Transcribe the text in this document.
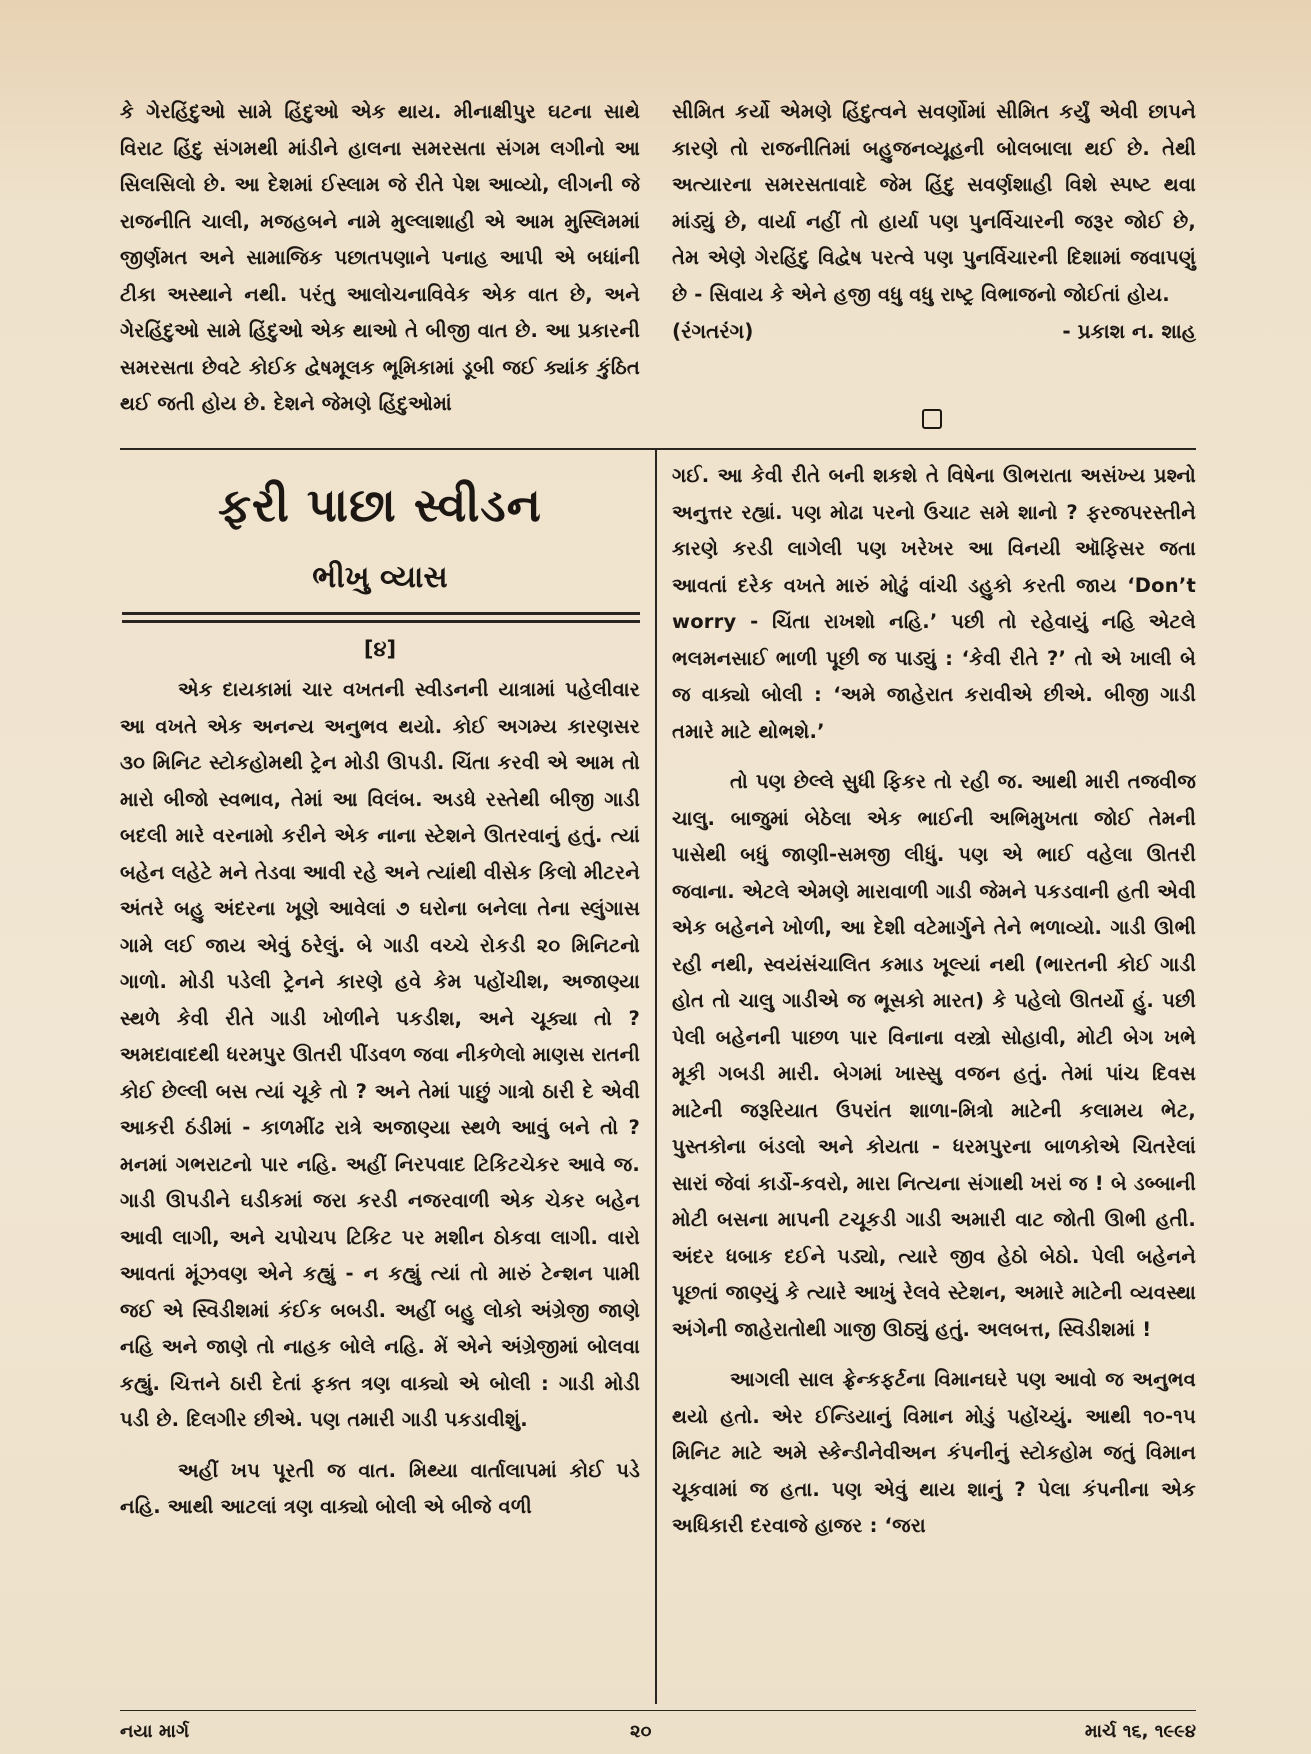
કે ગેરહિંદુઓ સામે હિંદુઓ એક થાય. મીનાક્ષીપુર ઘટના સાથે વિરાટ હિંદુ સંગમથી માંડીને હાલના સમરસતા સંગમ લગીનો આ સિલસિલો છે. આ દેશમાં ઈસ્લામ જે રીતે પેશ આવ્યો, લીગની જે રાજનીતિ ચાલી, મજહબને નામે મુલ્લાશાહી એ આમ મુસ્લિમમાં જીર્ણમત અને સામાજિક પછાતપણાને પનાહ આપી એ બધાંની ટીકા અસ્થાને નથી. પરંતુ આલોચનાવિવેક એક વાત છે, અને ગેરહિંદુઓ સામે હિંદુઓ એક થાઓ તે બીજી વાત છે. આ પ્રકારની સમરસતા છેવટે કોઈક દ્વેષમૂલક ભૂમિકામાં ડૂબી જઈ ક્યાંક કુંઠિત થઈ જતી હોય છે. દેશને જેમણે હિંદુઓમાં

સીમિત કર્યો એમણે હિંદુત્વને સવર્ણોમાં સીમિત કર્યું એવી છાપને કારણે તો રાજનીતિમાં બહુજનવ્યૂહની બોલબાલા થઈ છે. તેથી અત્યારના સમરસતાવાદે જેમ હિંદુ સવર્ણશાહી વિશે સ્પષ્ટ થવા માંડ્યું છે, વાર્યા નહીં તો હાર્યા પણ પુનર્વિચારની જરૂર જોઈ છે, તેમ એણે ગેરહિંદુ વિદ્વેષ પરત્વે પણ પુનર્વિચારની દિશામાં જવાપણું છે - સિવાય કે એને હજી વધુ વધુ રાષ્ટ્ર વિભાજનો જોઈતાં હોય.

(રંગતરંગ)	- પ્રકાશ ન. શાહ
ફરી પાછા સ્વીડન
ભીખુ વ્યાસ
[૪]

એક દાયકામાં ચાર વખતની સ્વીડનની યાત્રામાં પહેલીવાર આ વખતે એક અનન્ય અનુભવ થયો. કોઈ અગમ્ય કારણસર ૩૦ મિનિટ સ્ટોકહોમથી ટ્રેન મોડી ઊપડી. ચિંતા કરવી એ આમ તો મારો બીજો સ્વભાવ, તેમાં આ વિલંબ. અડધે રસ્તેથી બીજી ગાડી બદલી મારે વરનામો કરીને એક નાના સ્ટેશને ઊતરવાનું હતું. ત્યાં બહેન લહેટે મને તેડવા આવી રહે અને ત્યાંથી વીસેક કિલો મીટરને અંતરે બહુ અંદરના ખૂણે આવેલાં ૭ ઘરોના બનેલા તેના સ્લુંગાસ ગામે લઈ જાય એવું ઠરેલું. બે ગાડી વચ્ચે રોકડી ૨૦ મિનિટનો ગાળો. મોડી પડેલી ટ્રેનને કારણે હવે કેમ પહોંચીશ, અજાણ્યા સ્થળે કેવી રીતે ગાડી ખોળીને પકડીશ, અને ચૂક્યા તો ? અમદાવાદથી ધરમપુર ઊતરી પીંડવળ જવા નીકળેલો માણસ રાતની કોઈ છેલ્લી બસ ત્યાં ચૂકે તો ? અને તેમાં પાછું ગાત્રો ઠારી દે એવી આકરી ઠંડીમાં - કાળમીંઢ રાત્રે અજાણ્યા સ્થળે આવું બને તો ? મનમાં ગભરાટનો પાર નહિ. અહીં નિરપવાદ ટિકિટચેકર આવે જ. ગાડી ઊપડીને ઘડીકમાં જરા કરડી નજરવાળી એક ચેકર બહેન આવી લાગી, અને ચપોચપ ટિકિટ પર મશીન ઠોકવા લાગી. વારો આવતાં મૂંઝવણ એને કહ્યું - ન કહ્યું ત્યાં તો મારું ટેન્શન પામી જઈ એ સ્વિડીશમાં કંઈક બબડી. અહીં બહુ લોકો અંગ્રેજી જાણે નહિ અને જાણે તો નાહક બોલે નહિ. મેં એને અંગ્રેજીમાં બોલવા કહ્યું. ચિત્તને ઠારી દેતાં ફક્ત ત્રણ વાક્યો એ બોલી : ગાડી મોડી પડી છે. દિલગીર છીએ. પણ તમારી ગાડી પકડાવીશું.

અહીં ખપ પૂરતી જ વાત. મિથ્યા વાર્તાલાપમાં કોઈ પડે નહિ. આથી આટલાં ત્રણ વાક્યો બોલી એ બીજે વળી

ગઈ. આ કેવી રીતે બની શકશે તે વિષેના ઊભરાતા અસંખ્ય પ્રશ્નો અનુત્તર રહ્યાં. પણ મોઢા પરનો ઉચાટ સમે શાનો ? ફરજપરસ્તીને કારણે કરડી લાગેલી પણ ખરેખર આ વિનયી ઑફિસર જતા આવતાં દરેક વખતે મારું મોઢું વાંચી ડહુકો કરતી જાય ‘Don’t worry - ચિંતા રાખશો નહિ.’ પછી તો રહેવાયું નહિ એટલે ભલમનસાઈ ભાળી પૂછી જ પાડ્યું : ‘કેવી રીતે ?’ તો એ ખાલી બે જ વાક્યો બોલી : ‘અમે જાહેરાત કરાવીએ છીએ. બીજી ગાડી તમારે માટે થોભશે.’

તો પણ છેલ્લે સુધી ફિકર તો રહી જ. આથી મારી તજવીજ ચાલુ. બાજુમાં બેઠેલા એક ભાઈની અભિમુખતા જોઈ તેમની પાસેથી બધું જાણી-સમજી લીધું. પણ એ ભાઈ વહેલા ઊતરી જવાના. એટલે એમણે મારાવાળી ગાડી જેમને પકડવાની હતી એવી એક બહેનને ખોળી, આ દેશી વટેમાર્ગુને તેને ભળાવ્યો. ગાડી ઊભી રહી નથી, સ્વયંસંચાલિત કમાડ ખૂલ્યાં નથી (ભારતની કોઈ ગાડી હોત તો ચાલુ ગાડીએ જ ભૂસકો મારત) કે પહેલો ઊતર્યો હું. પછી પેલી બહેનની પાછળ પાર વિનાના વસ્ત્રો સોહાવી, મોટી બેગ ખભે મૂકી ગબડી મારી. બેગમાં ખાસ્સુ વજન હતું. તેમાં પાંચ દિવસ માટેની જરૂરિયાત ઉપરાંત શાળા-મિત્રો માટેની કલામય ભેટ, પુસ્તકોના બંડલો અને કોયતા - ધરમપુરના બાળકોએ ચિતરેલાં સારાં જેવાં કાર્ડો-કવરો, મારા નિત્યના સંગાથી ખરાં જ ! બે ડબ્બાની મોટી બસના માપની ટચૂકડી ગાડી અમારી વાટ જોતી ઊભી હતી. અંદર ધબાક દઈને પડ્યો, ત્યારે જીવ હેઠો બેઠો. પેલી બહેનને પૂછતાં જાણ્યું કે ત્યારે આખું રેલવે સ્ટેશન, અમારે માટેની વ્યવસ્થા અંગેની જાહેરાતોથી ગાજી ઊઠ્યું હતું. અલબત્ત, સ્વિડીશમાં !

આગલી સાલ ફ્રેન્કફર્ટના વિમાનઘરે પણ આવો જ અનુભવ થયો હતો. એર ઈન્ડિયાનું વિમાન મોડું પહોંચ્યું. આથી ૧૦-૧૫ મિનિટ માટે અમે સ્કેન્ડીનેવીઅન કંપનીનું સ્ટોકહોમ જતું વિમાન ચૂકવામાં જ હતા. પણ એવું થાય શાનું ? પેલા કંપનીના એક અધિકારી દરવાજે હાજર : ‘જરા

નયા માર્ગ	૨૦	માર્ચ ૧૬, ૧૯૯૪
